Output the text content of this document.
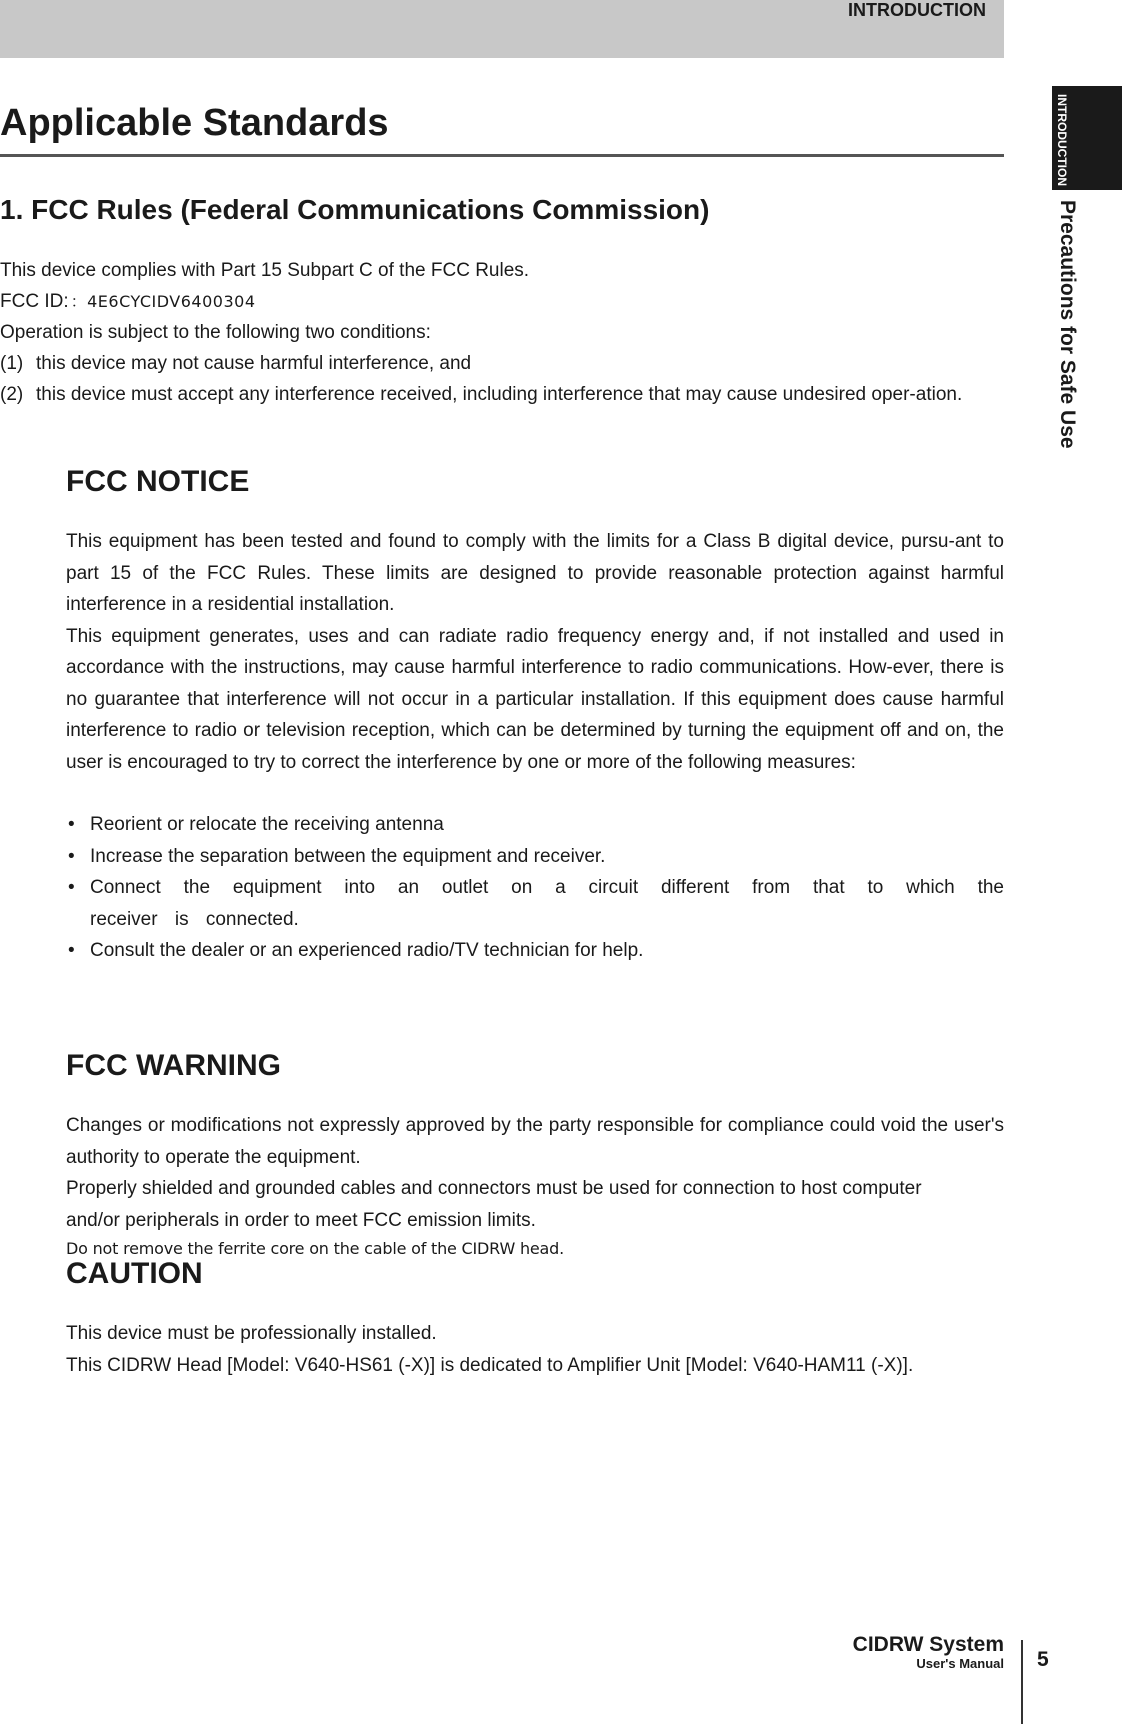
INTRODUCTION
INTRODUCTION
Precautions for Safe Use
Applicable Standards
1. FCC Rules (Federal Communications Commission)

This device complies with Part 15 Subpart C of the FCC Rules.

FCC ID: ：4E6CYCIDV6400304

Operation is subject to the following two conditions:

(1) this device may not cause harmful interference, and
(2) this device must accept any interference received, including interference that may cause undesired oper-ation.
FCC NOTICE

This equipment has been tested and found to comply with the limits for a Class B digital device, pursu-ant to part 15 of the FCC Rules. These limits are designed to provide reasonable protection against harmful interference in a residential installation.

This equipment generates, uses and can radiate radio frequency energy and, if not installed and used in accordance with the instructions, may cause harmful interference to radio communications. How-ever, there is no guarantee that interference will not occur in a particular installation. If this equipment does cause harmful interference to radio or television reception, which can be determined by turning the equipment off and on, the user is encouraged to try to correct the interference by one or more of the following measures:

• Reorient or relocate the receiving antenna
• Increase the separation between the equipment and receiver.
• Connect the equipment into an outlet on a circuit different from that to which the receiver is connected.
• Consult the dealer or an experienced radio/TV technician for help.
FCC WARNING

Changes or modifications not expressly approved by the party responsible for compliance could void the user's authority to operate the equipment.

Properly shielded and grounded cables and connectors must be used for connection to host computer and/or peripherals in order to meet FCC emission limits.

Do not remove the ferrite core on the cable of the CIDRW head.

CAUTION

This device must be professionally installed.

This CIDRW Head [Model: V640-HS61 (-X)] is dedicated to Amplifier Unit [Model: V640-HAM11 (-X)].

CIDRW System
User's Manual 5
